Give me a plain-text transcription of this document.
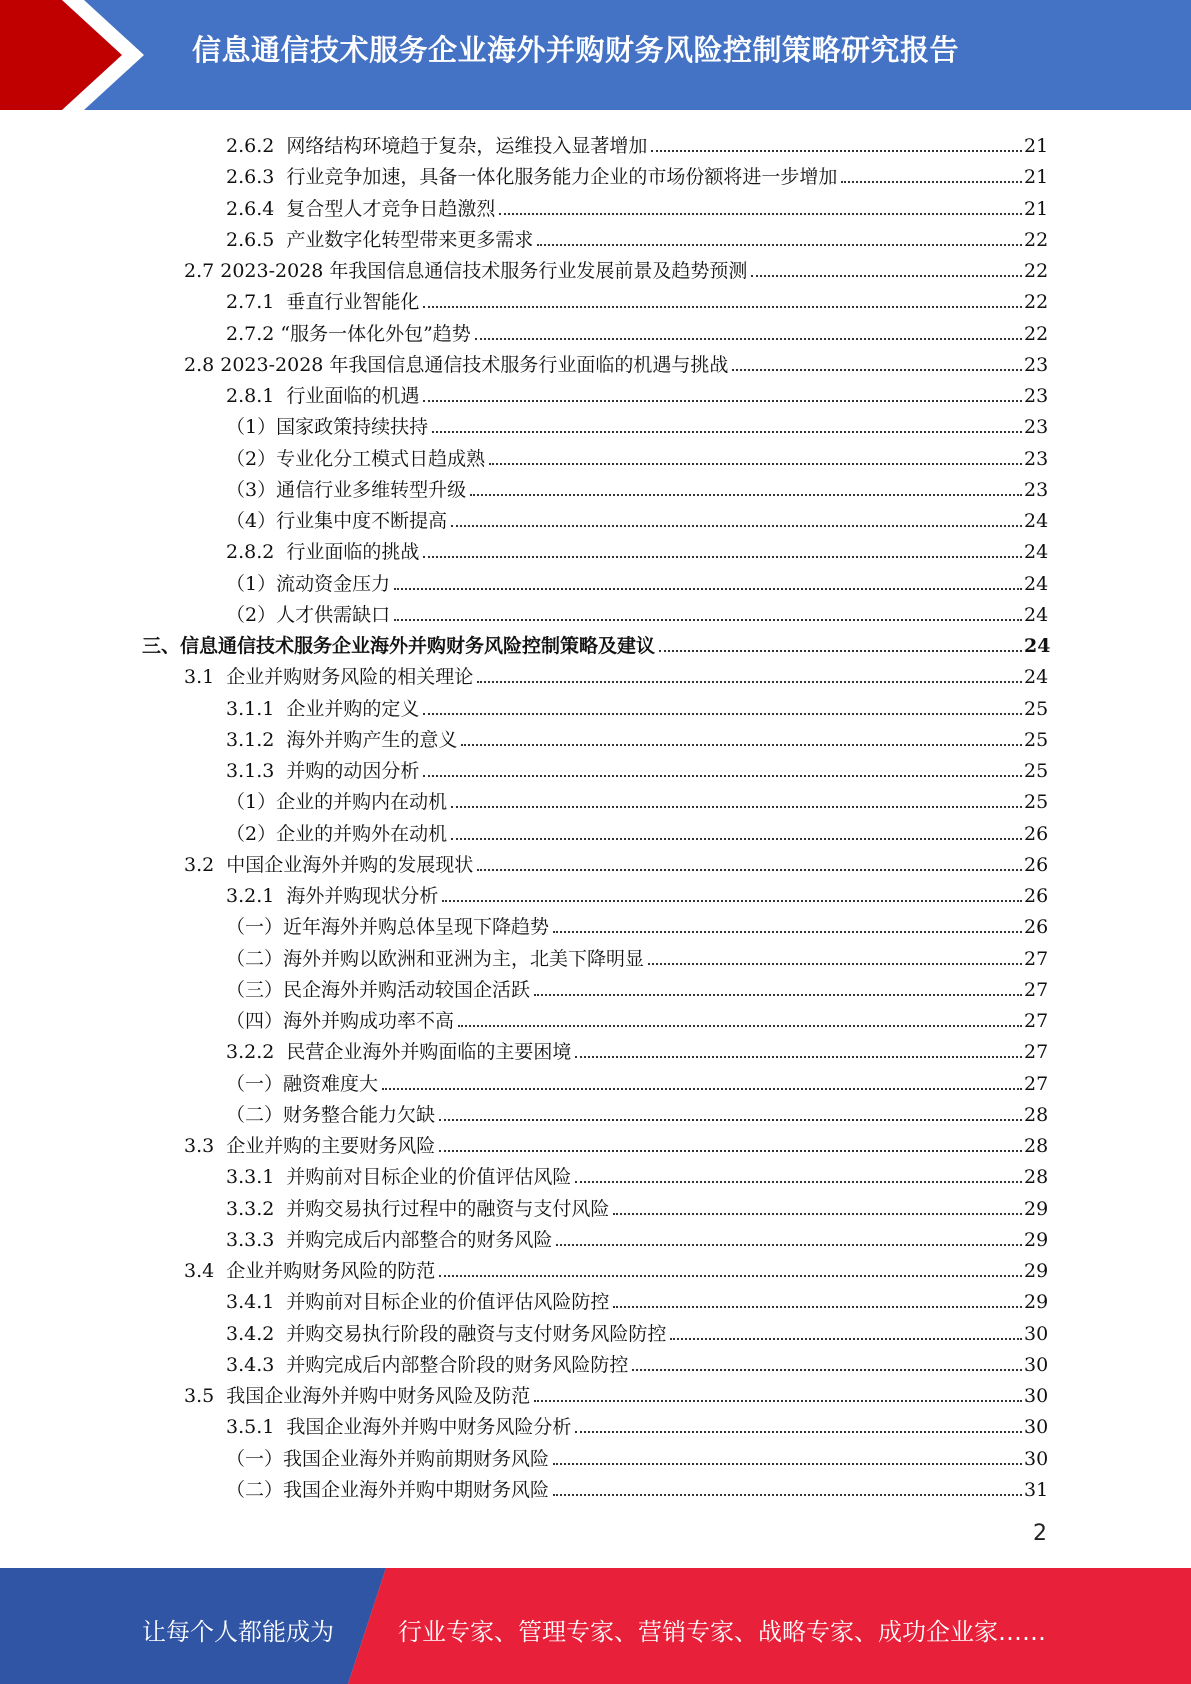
信息通信技术服务企业海外并购财务风险控制策略研究报告
2.6.2  网络结构环境趋于复杂，运维投入显著增加	21
2.6.3  行业竞争加速，具备一体化服务能力企业的市场份额将进一步增加	21
2.6.4  复合型人才竞争日趋激烈	21
2.6.5  产业数字化转型带来更多需求	22
2.7 2023-2028 年我国信息通信技术服务行业发展前景及趋势预测	22
2.7.1  垂直行业智能化	22
2.7.2 “服务一体化外包”趋势	22
2.8 2023-2028 年我国信息通信技术服务行业面临的机遇与挑战	23
2.8.1  行业面临的机遇	23
（1）国家政策持续扶持	23
（2）专业化分工模式日趋成熟	23
（3）通信行业多维转型升级	23
（4）行业集中度不断提高	24
2.8.2  行业面临的挑战	24
（1）流动资金压力	24
（2）人才供需缺口	24
三、信息通信技术服务企业海外并购财务风险控制策略及建议	24
3.1  企业并购财务风险的相关理论	24
3.1.1  企业并购的定义	25
3.1.2  海外并购产生的意义	25
3.1.3  并购的动因分析	25
（1）企业的并购内在动机	25
（2）企业的并购外在动机	26
3.2  中国企业海外并购的发展现状	26
3.2.1  海外并购现状分析	26
（一）近年海外并购总体呈现下降趋势	26
（二）海外并购以欧洲和亚洲为主，北美下降明显	27
（三）民企海外并购活动较国企活跃	27
（四）海外并购成功率不高	27
3.2.2  民营企业海外并购面临的主要困境	27
（一）融资难度大	27
（二）财务整合能力欠缺	28
3.3  企业并购的主要财务风险	28
3.3.1  并购前对目标企业的价值评估风险	28
3.3.2  并购交易执行过程中的融资与支付风险	29
3.3.3  并购完成后内部整合的财务风险	29
3.4  企业并购财务风险的防范	29
3.4.1  并购前对目标企业的价值评估风险防控	29
3.4.2  并购交易执行阶段的融资与支付财务风险防控	30
3.4.3  并购完成后内部整合阶段的财务风险防控	30
3.5  我国企业海外并购中财务风险及防范	30
3.5.1  我国企业海外并购中财务风险分析	30
（一）我国企业海外并购前期财务风险	30
（二）我国企业海外并购中期财务风险	31
2
让每个人都能成为	行业专家、管理专家、营销专家、战略专家、成功企业家……
